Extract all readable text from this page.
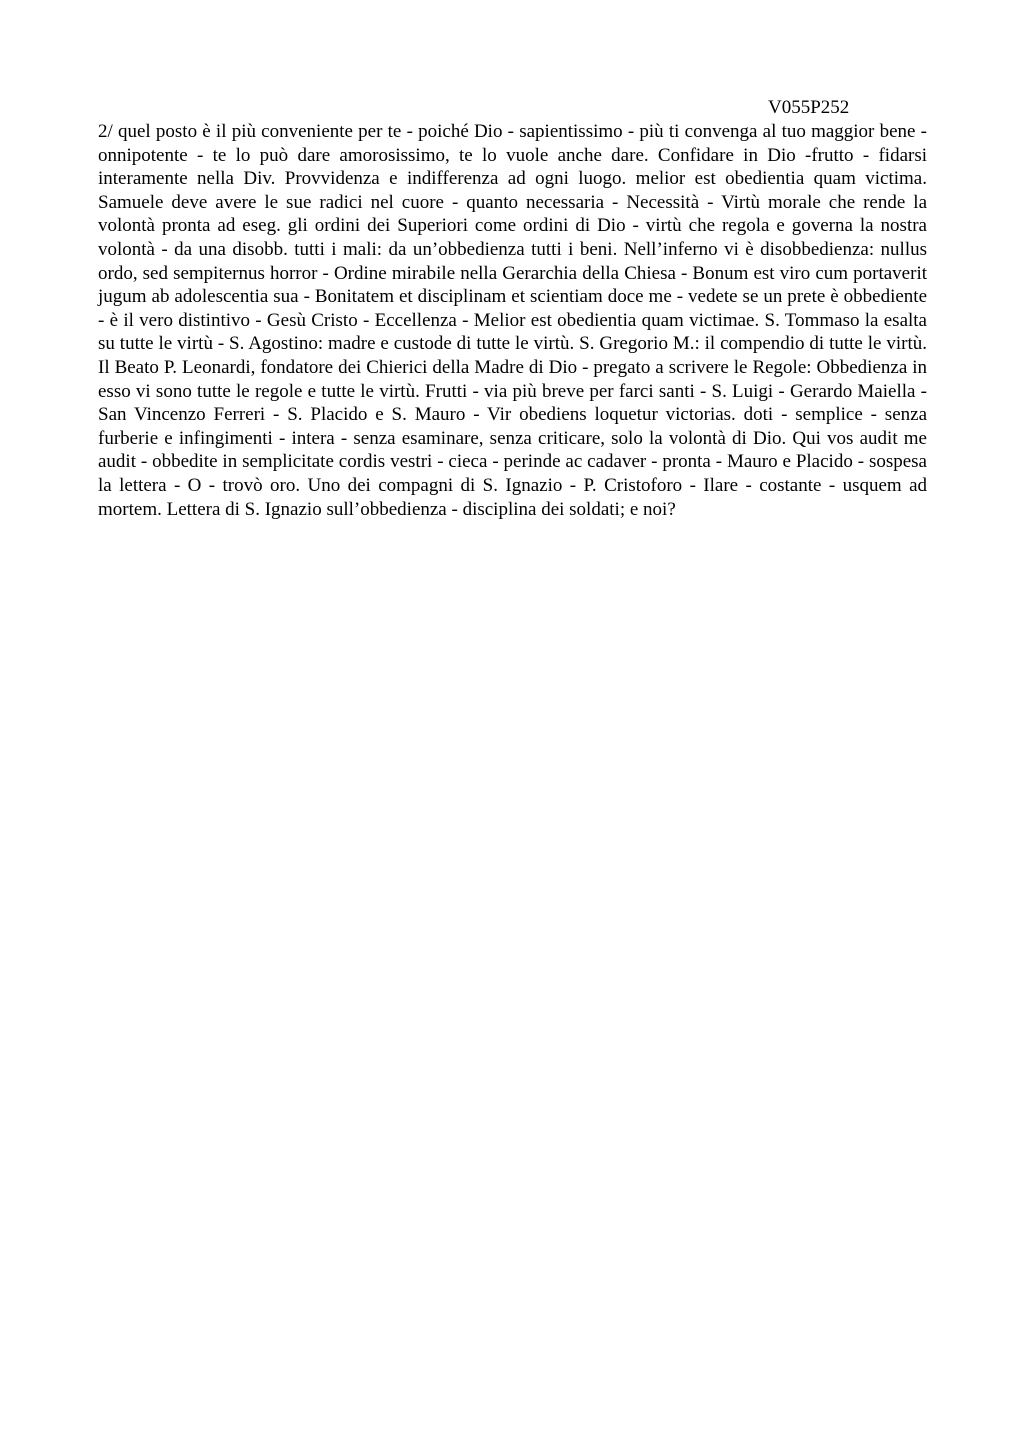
V055P252

2/ quel posto è il più conveniente per te - poiché Dio - sapientissimo - più ti convenga al tuo maggior bene - onnipotente - te lo può dare amorosissimo, te lo vuole anche dare. Confidare in Dio -frutto - fidarsi interamente nella Div. Provvidenza e indifferenza ad ogni luogo. melior est obedientia quam victima. Samuele deve avere le sue radici nel cuore - quanto necessaria - Necessità - Virtù morale che rende la volontà pronta ad eseg. gli ordini dei Superiori come ordini di Dio - virtù che regola e governa la nostra volontà - da una disobb. tutti i mali: da un’obbedienza tutti i beni. Nell’inferno vi è disobbedienza: nullus ordo, sed sempiternus horror - Ordine mirabile nella Gerarchia della Chiesa - Bonum est viro cum portaverit jugum ab adolescentia sua - Bonitatem et disciplinam et scientiam doce me - vedete se un prete è obbediente - è il vero distintivo - Gesù Cristo - Eccellenza - Melior est obedientia quam victimae. S. Tommaso la esalta su tutte le virtù - S. Agostino: madre e custode di tutte le virtù. S. Gregorio M.: il compendio di tutte le virtù. Il Beato P. Leonardi, fondatore dei Chierici della Madre di Dio - pregato a scrivere le Regole: Obbedienza in esso vi sono tutte le regole e tutte le virtù. Frutti - via più breve per farci santi - S. Luigi - Gerardo Maiella - San Vincenzo Ferreri - S. Placido e S. Mauro - Vir obediens loquetur victorias. doti - semplice - senza furberie e infingimenti - intera - senza esaminare, senza criticare, solo la volontà di Dio. Qui vos audit me audit - obbedite in semplicitate cordis vestri - cieca - perinde ac cadaver - pronta - Mauro e Placido - sospesa la lettera - O - trovò oro. Uno dei compagni di S. Ignazio - P. Cristoforo - Ilare - costante - usquem ad mortem. Lettera di S. Ignazio sull’obbedienza - disciplina dei soldati; e noi?
